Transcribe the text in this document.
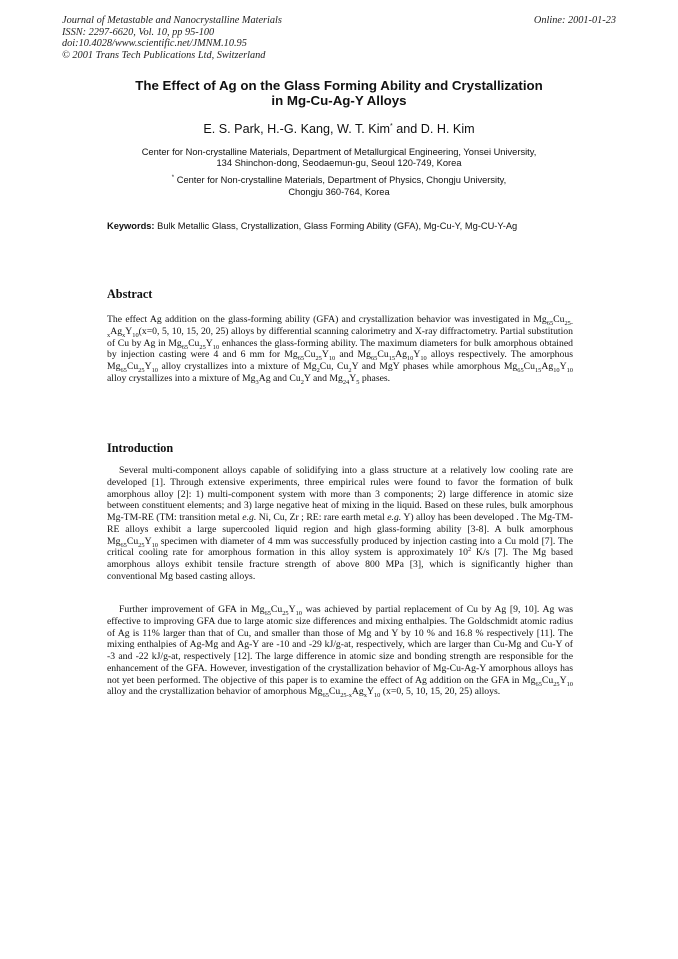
Journal of Metastable and Nanocrystalline Materials
ISSN: 2297-6620, Vol. 10, pp 95-100
doi:10.4028/www.scientific.net/JMNM.10.95
© 2001 Trans Tech Publications Ltd, Switzerland
Online: 2001-01-23
The Effect of Ag on the Glass Forming Ability and Crystallization
in Mg-Cu-Ag-Y Alloys
E. S. Park, H.-G. Kang, W. T. Kim* and D. H. Kim
Center for Non-crystalline Materials, Department of Metallurgical Engineering, Yonsei University,
134 Shinchon-dong, Seodaemun-gu, Seoul 120-749, Korea
* Center for Non-crystalline Materials, Department of Physics, Chongju University,
Chongju 360-764, Korea
Keywords: Bulk Metallic Glass, Crystallization, Glass Forming Ability (GFA), Mg-Cu-Y, Mg-CU-Y-Ag
Abstract
The effect Ag addition on the glass-forming ability (GFA) and crystallization behavior was investigated in $Mg_{65}Cu_{25-x}Ag_xY_{10}(x=0$, 5, 10, 15, 20, 25) alloys by differential scanning calorimetry and X-ray diffractometry. Partial substitution of Cu by Ag in $Mg_{65}Cu_{25}Y_{10}$ enhances the glass-forming ability. The maximum diameters for bulk amorphous obtained by injection casting were 4 and 6 mm for $Mg_{65}Cu_{25}Y_{10}$ and $Mg_{65}Cu_{15}Ag_{10}Y_{10}$ alloys respectively. The amorphous $Mg_{65}Cu_{25}Y_{10}$ alloy crystallizes into a mixture of $Mg_2Cu$, $Cu_2Y$ and MgY phases while amorphous $Mg_{65}Cu_{15}Ag_{10}Y_{10}$ alloy crystallizes into a mixture of $Mg_3Ag$ and $Cu_2Y$ and $Mg_{24}Y_5$ phases.
Introduction
Several multi-component alloys capable of solidifying into a glass structure at a relatively low cooling rate are developed [1]. Through extensive experiments, three empirical rules were found to favor the formation of bulk amorphous alloy [2]: 1) multi-component system with more than 3 components; 2) large difference in atomic size between constituent elements; and 3) large negative heat of mixing in the liquid. Based on these rules, bulk amorphous Mg-TM-RE (TM: transition metal e.g. Ni, Cu, Zr ; RE: rare earth metal e.g. Y) alloy has been developed . The Mg-TM-RE alloys exhibit a large supercooled liquid region and high glass-forming ability [3-8]. A bulk amorphous $Mg_{65}Cu_{25}Y_{10}$ specimen with diameter of 4 mm was successfully produced by injection casting into a Cu mold [7]. The critical cooling rate for amorphous formation in this alloy system is approximately $10^2$ K/s [7]. The Mg based amorphous alloys exhibit tensile fracture strength of above 800 MPa [3], which is significantly higher than conventional Mg based casting alloys.
Further improvement of GFA in $Mg_{65}Cu_{25}Y_{10}$ was achieved by partial replacement of Cu by Ag [9, 10]. Ag was effective to improving GFA due to large atomic size differences and mixing enthalpies. The Goldschmidt atomic radius of Ag is 11% larger than that of Cu, and smaller than those of Mg and Y by 10 % and 16.8 % respectively [11]. The mixing enthalpies of Ag-Mg and Ag-Y are -10 and -29 kJ/g-at, respectively, which are larger than Cu-Mg and Cu-Y of -3 and -22 kJ/g-at, respectively [12]. The large difference in atomic size and bonding strength are responsible for the enhancement of the GFA. However, investigation of the crystallization behavior of Mg-Cu-Ag-Y amorphous alloys has not yet been performed. The objective of this paper is to examine the effect of Ag addition on the GFA in $Mg_{65}Cu_{25}Y_{10}$ alloy and the crystallization behavior of amorphous $Mg_{65}Cu_{25-x}Ag_xY_{10}$ (x=0, 5, 10, 15, 20, 25) alloys.
